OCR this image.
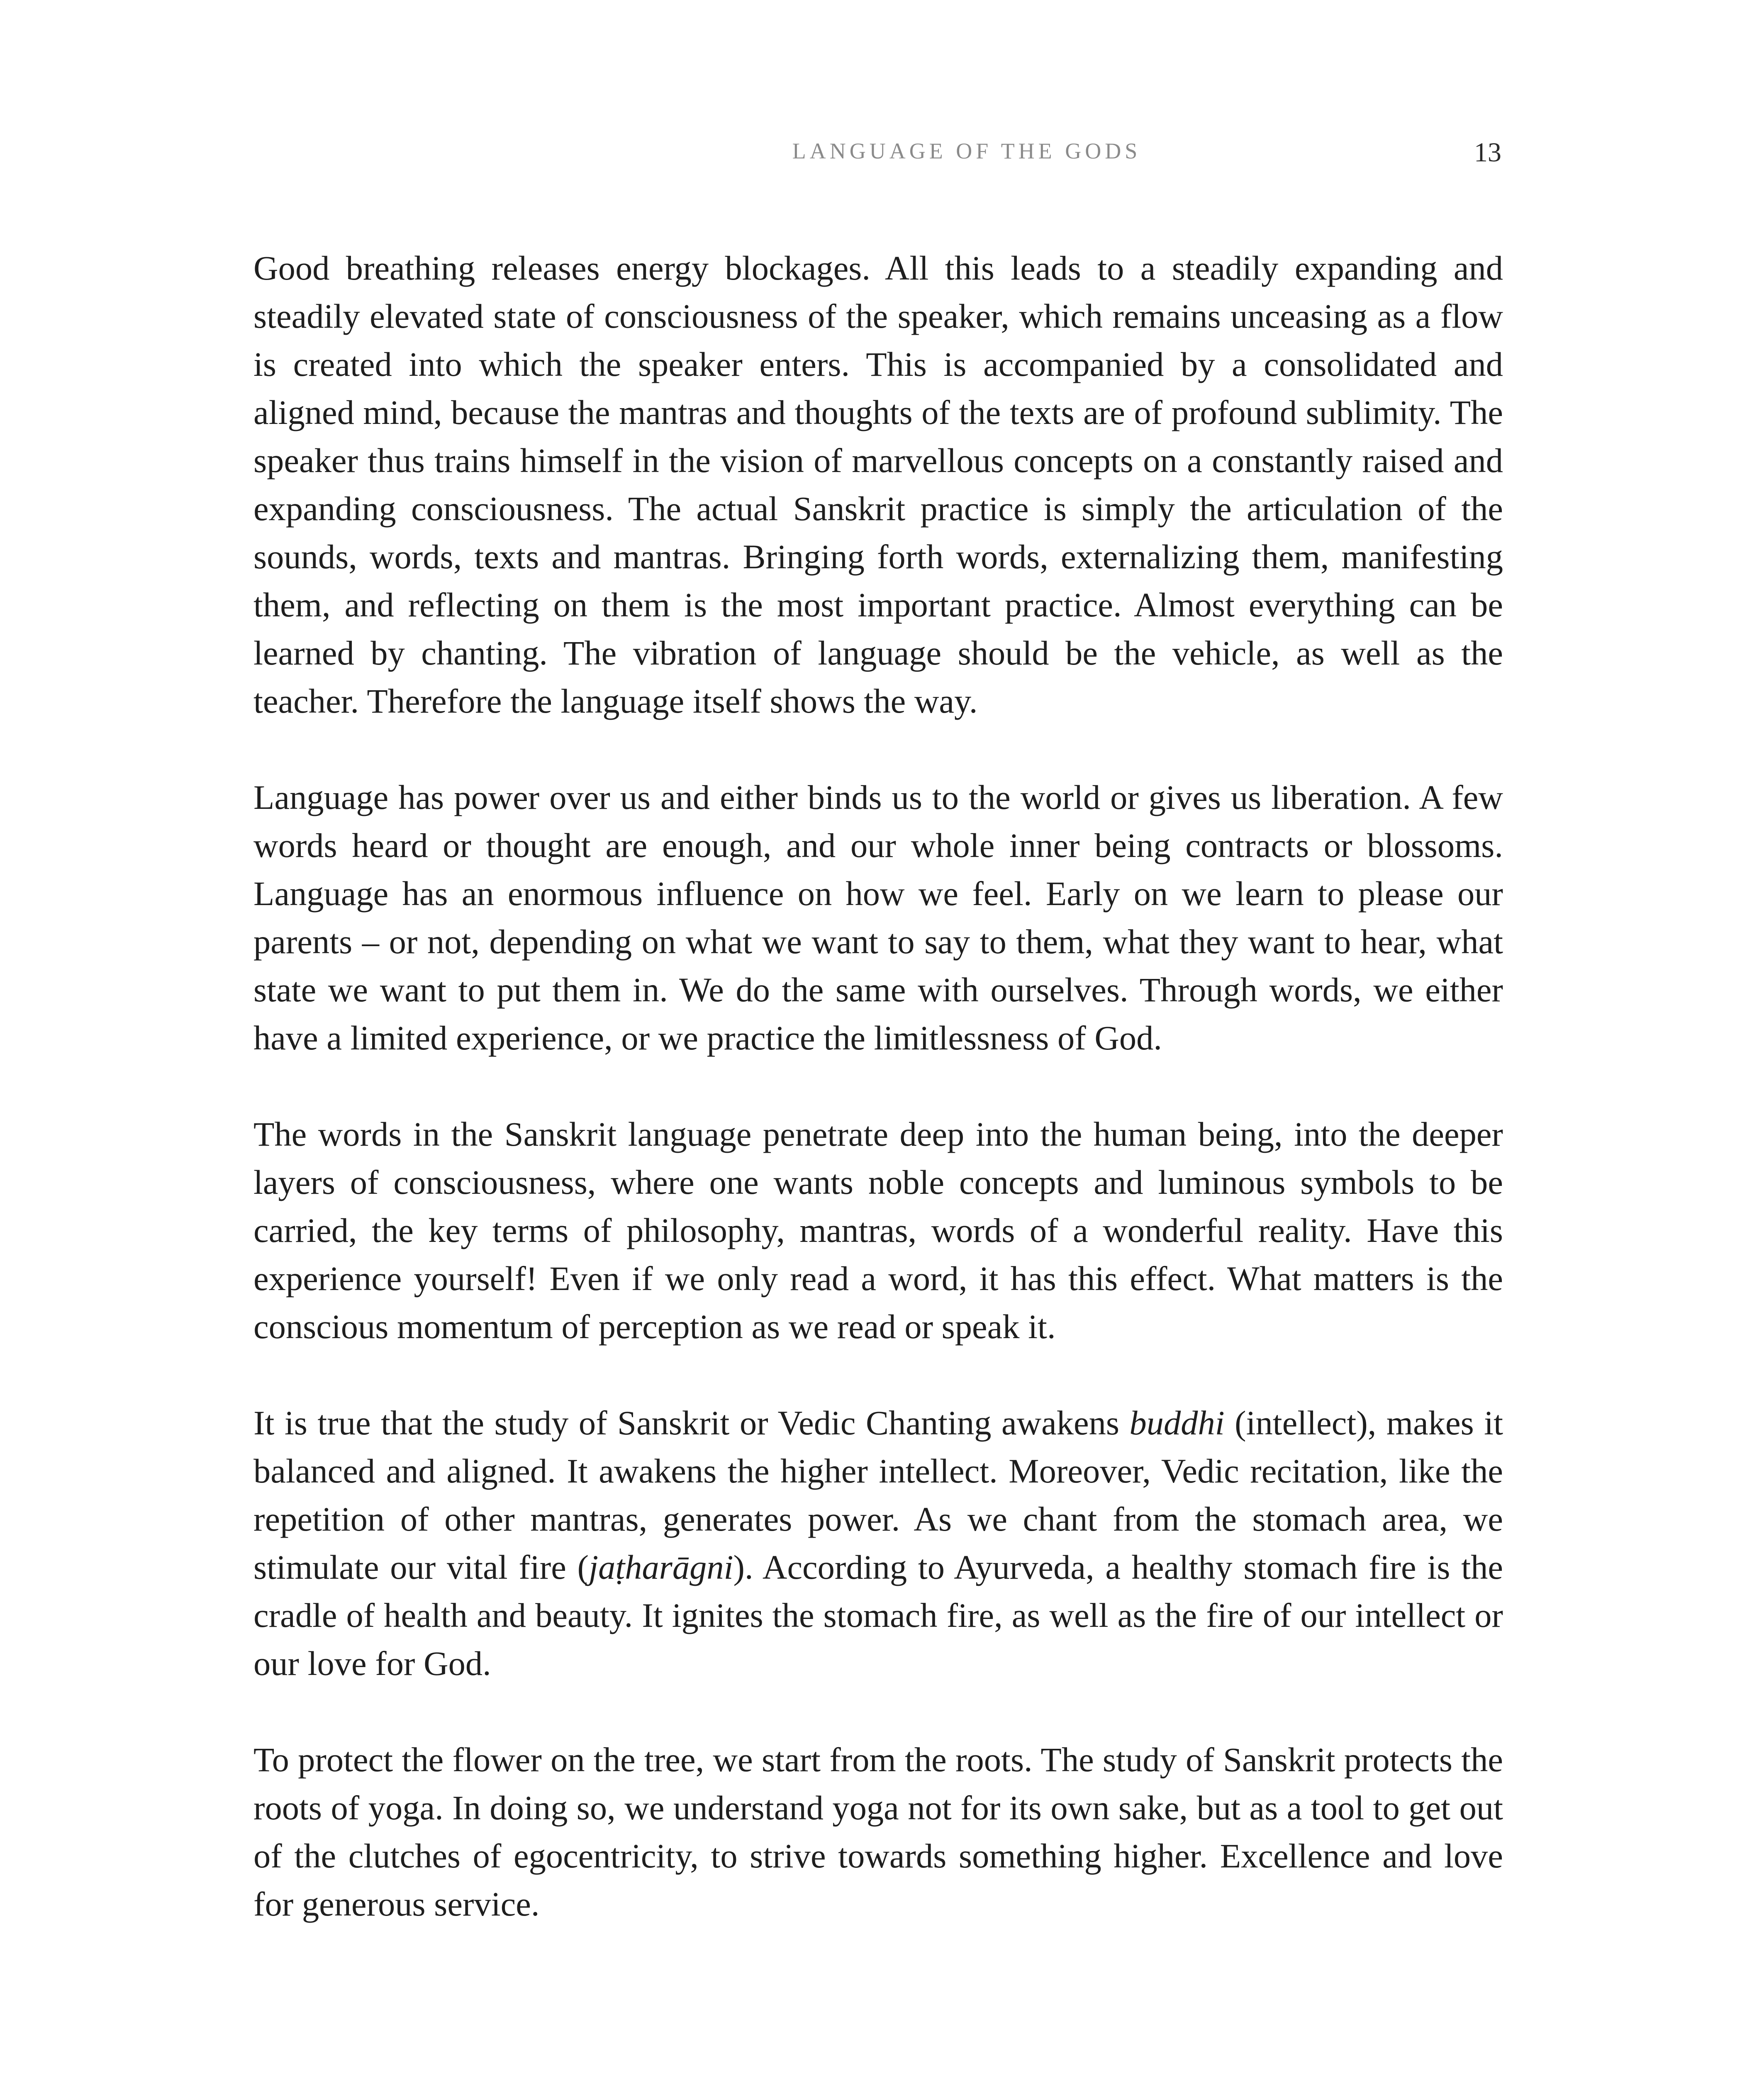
LANGUAGE OF THE GODS	13

Good breathing releases energy blockages. All this leads to a steadily expanding and steadily elevated state of consciousness of the speaker, which remains unceasing as a flow is created into which the speaker enters. This is accompanied by a consolidated and aligned mind, because the mantras and thoughts of the texts are of profound sublimity. The speaker thus trains himself in the vision of marvellous concepts on a constantly raised and expanding consciousness. The actual Sanskrit practice is simply the articulation of the sounds, words, texts and mantras. Bringing forth words, externalizing them, manifesting them, and reflecting on them is the most important practice. Almost everything can be learned by chanting. The vibration of language should be the vehicle, as well as the teacher. Therefore the language itself shows the way.

Language has power over us and either binds us to the world or gives us liberation. A few words heard or thought are enough, and our whole inner being contracts or blossoms. Language has an enormous influence on how we feel. Early on we learn to please our parents – or not, depending on what we want to say to them, what they want to hear, what state we want to put them in. We do the same with ourselves. Through words, we either have a limited experience, or we practice the limitlessness of God.

The words in the Sanskrit language penetrate deep into the human being, into the deeper layers of consciousness, where one wants noble concepts and luminous symbols to be carried, the key terms of philosophy, mantras, words of a wonderful reality. Have this experience yourself! Even if we only read a word, it has this effect. What matters is the conscious momentum of perception as we read or speak it.

It is true that the study of Sanskrit or Vedic Chanting awakens buddhi (intellect), makes it balanced and aligned. It awakens the higher intellect. Moreover, Vedic recitation, like the repetition of other mantras, generates power. As we chant from the stomach area, we stimulate our vital fire (jaṭharāgni). According to Ayurveda, a healthy stomach fire is the cradle of health and beauty. It ignites the stomach fire, as well as the fire of our intellect or our love for God.

To protect the flower on the tree, we start from the roots. The study of Sanskrit protects the roots of yoga. In doing so, we understand yoga not for its own sake, but as a tool to get out of the clutches of egocentricity, to strive towards something higher. Excellence and love for generous service.
